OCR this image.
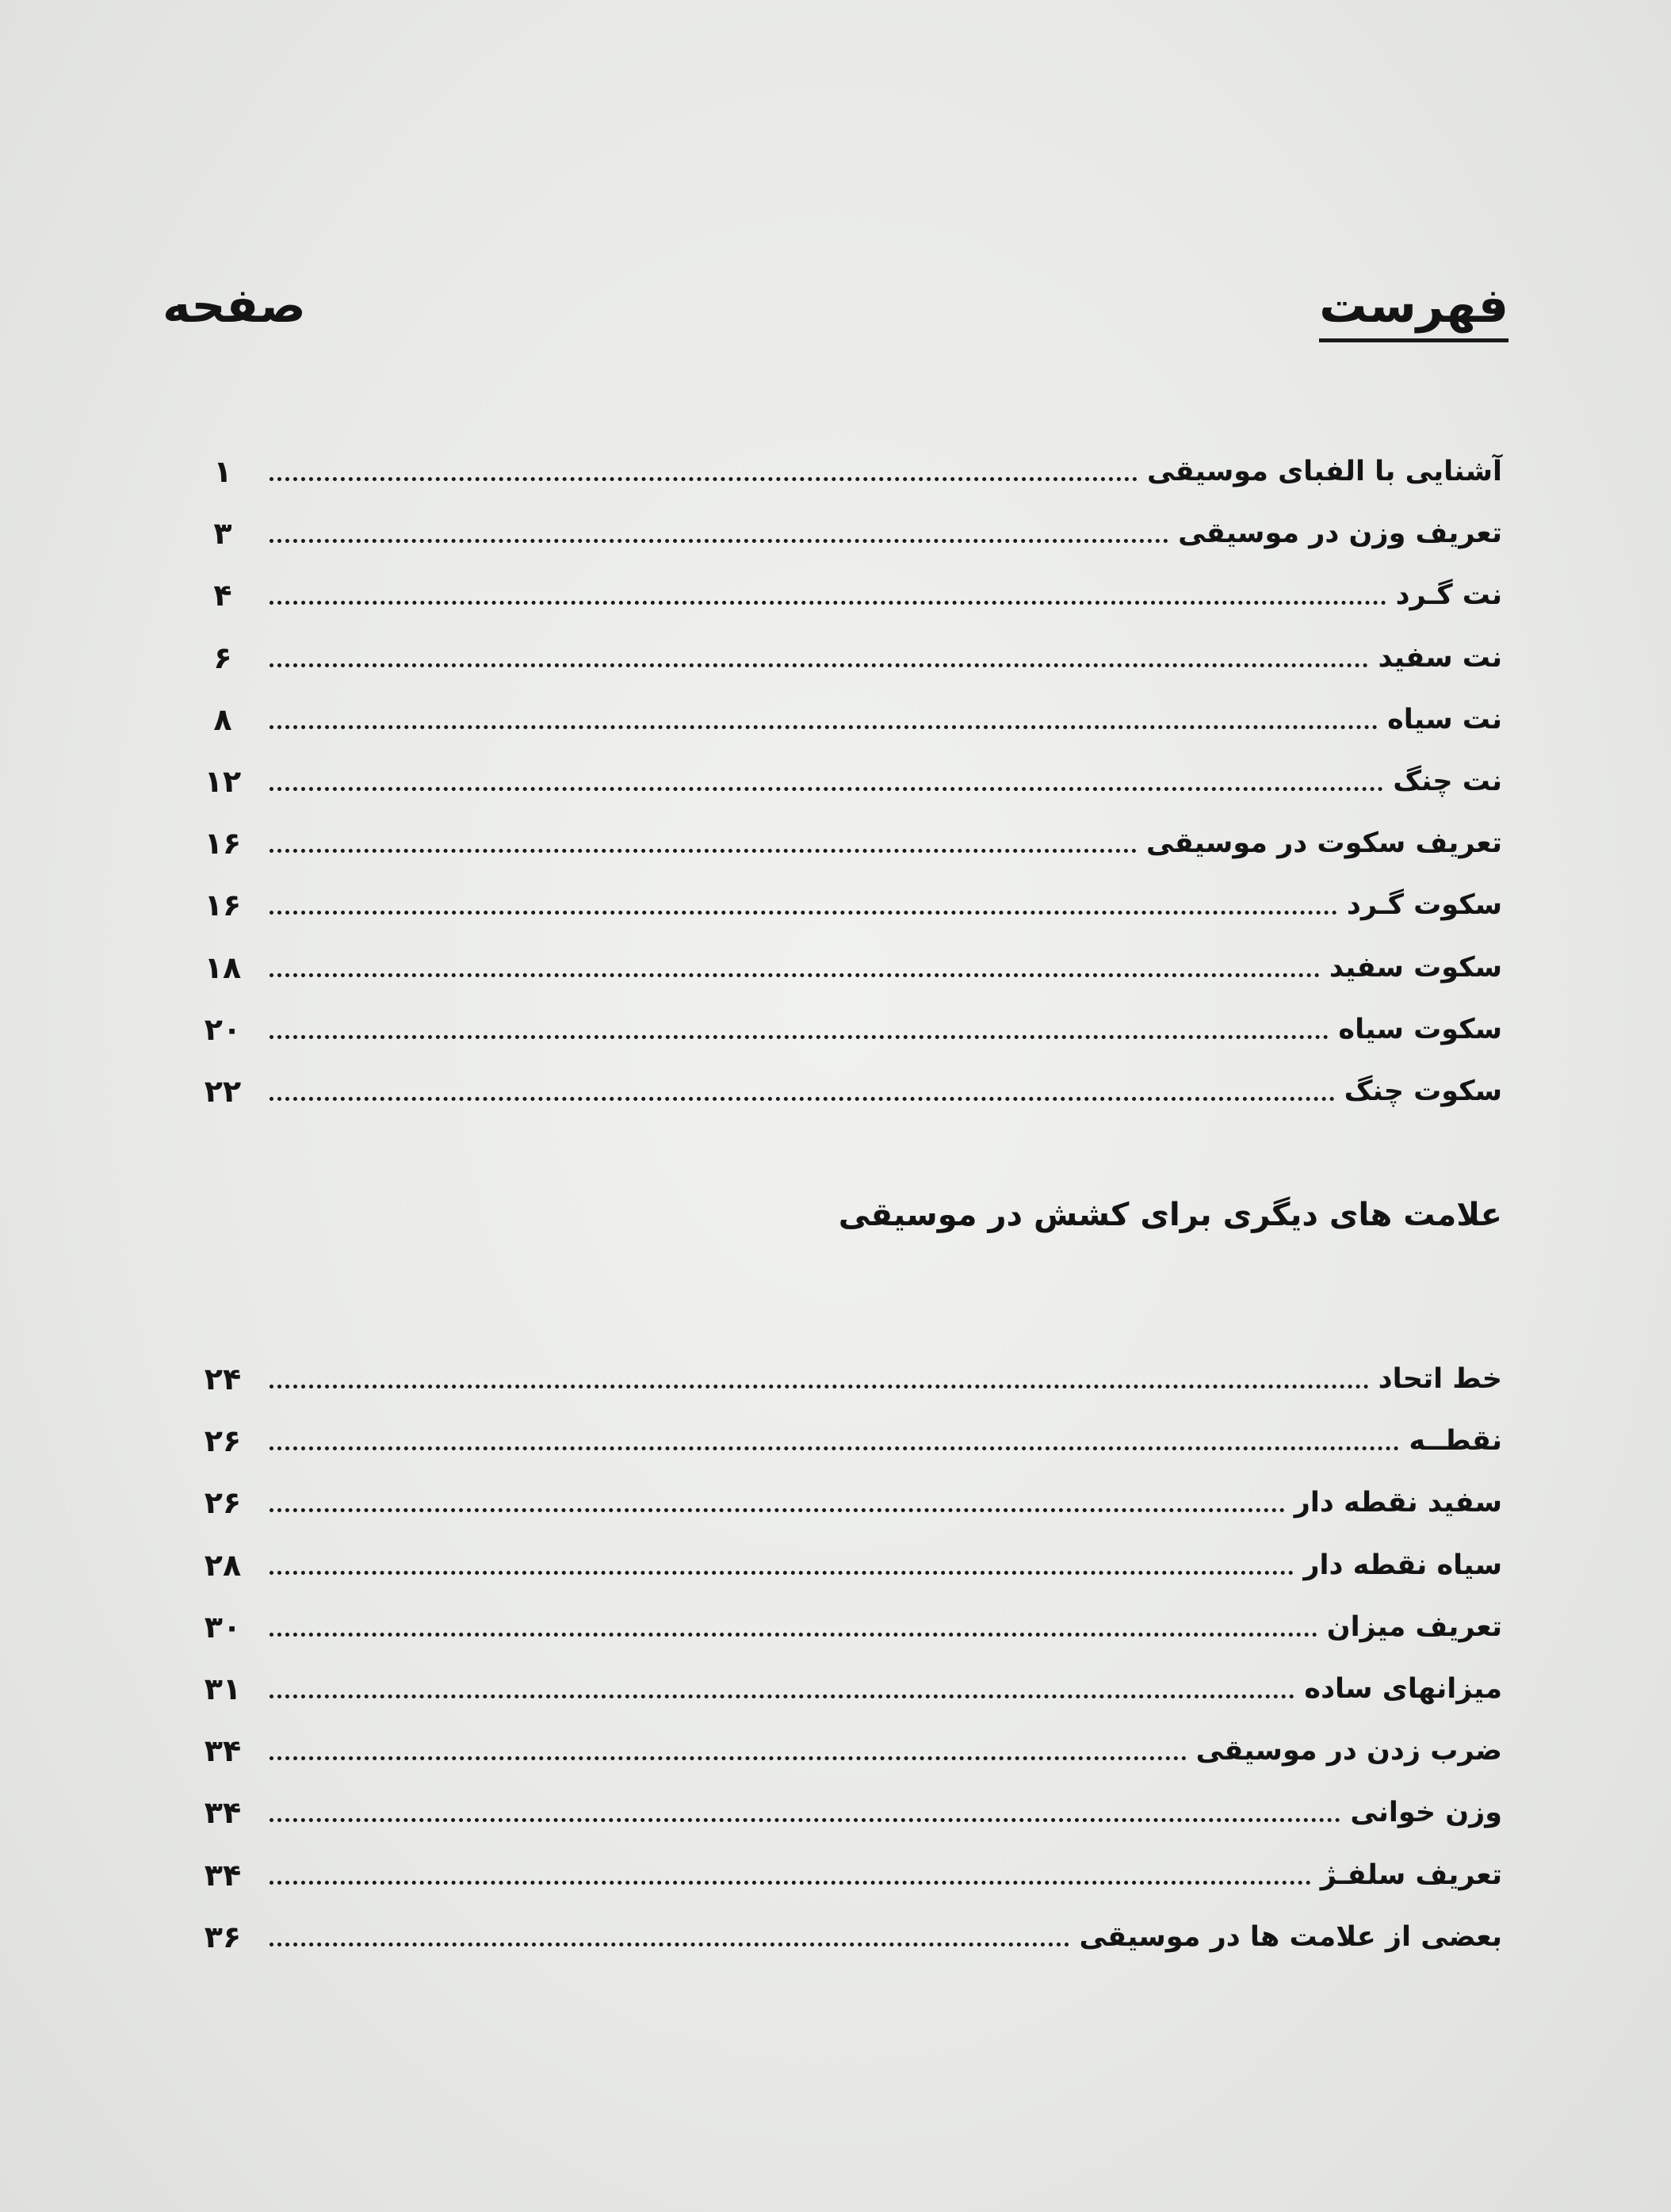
فهرست
صفحه
آشنایی با الفبای موسیقی
۱
تعریف وزن در موسیقی
۳
نت گـرد
۴
نت سفید
۶
نت سیاه
۸
نت چنگ
۱۲
تعریف سکوت در موسیقی
۱۶
سکوت گـرد
۱۶
سکوت سفید
۱۸
سکوت سیاه
۲۰
سکوت چنگ
۲۲
علامت های دیگری برای کشش در موسیقی
خط اتحاد
۲۴
نقطــه
۲۶
سفید نقطه دار
۲۶
سیاه نقطه دار
۲۸
تعریف میزان
۳۰
میزانهای ساده
۳۱
ضرب زدن در موسیقی
۳۴
وزن خوانی
۳۴
تعریف سلفـژ
۳۴
بعضی از علامت ها در موسیقی
۳۶
